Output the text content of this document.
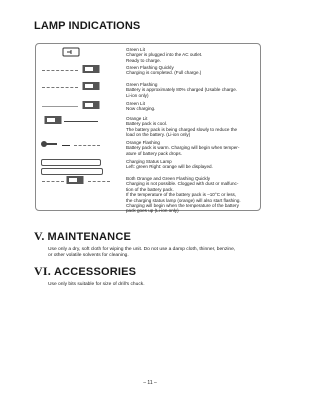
LAMP INDICATIONS
Green Lit
Charger is plugged into the AC outlet.
Ready to charge.
Green Flashing Quickly
Charging is completed. (Full charge.)
Green Flashing
Battery is approximately 80% charged (Usable charge.
Li-ion only)
Green Lit
Now charging.
Orange Lit
Battery pack is cool.
The battery pack is being charged slowly to reduce the
load on the battery. (Li-ion only)
Orange Flashing
Battery pack is warm. Charging will begin when temper-
ature of battery pack drops.
Charging Status Lamp
Left: green Right: orange will be displayed.
Both Orange and Green Flashing Quickly
Charging is not possible. Clogged with dust or malfunc-
tion of the battery pack.
If the temperature of the battery pack is –10°C or less,
the charging status lamp (orange) will also start flashing.
Charging will begin when the temperature of the battery
pack goes up (Li-ion only)
V. MAINTENANCE
Use only a dry, soft cloth for wiping the unit. Do not use a damp cloth, thinner, benzine,
or other volatile solvents for cleaning.
VI. ACCESSORIES
Use only bits suitable for size of drill's chuck.
– 11 –
